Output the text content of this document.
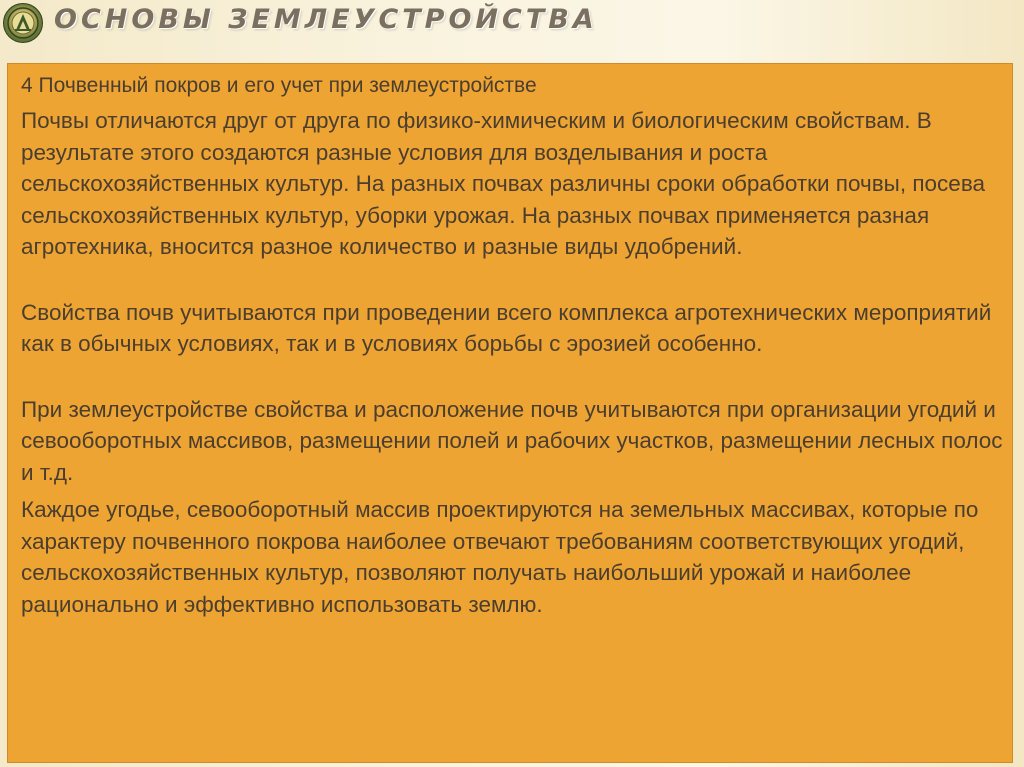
ОСНОВЫ ЗЕМЛЕУСТРОЙСТВА

4 Почвенный покров и его учет при землеустройстве

Почвы отличаются друг от друга по физико-химическим и биологическим свойствам. В результате этого создаются разные условия для возделывания и роста сельскохозяйственных культур. На разных почвах различны сроки обработки почвы, посева сельскохозяйственных культур, уборки урожая. На разных почвах применяется разная агротехника, вносится разное количество и разные виды удобрений.

Свойства почв учитываются при проведении всего комплекса агротехнических мероприятий как в обычных условиях, так и в условиях борьбы с эрозией особенно.

При землеустройстве свойства и расположение почв учитываются при организации угодий и севооборотных массивов, размещении полей и рабочих участков, размещении лесных полос и т.д.

Каждое угодье, севооборотный массив проектируются на земельных массивах, которые по характеру почвенного покрова наиболее отвечают требованиям соответствующих угодий, сельскохозяйственных культур, позволяют получать наибольший урожай и наиболее рационально и эффективно использовать землю.
